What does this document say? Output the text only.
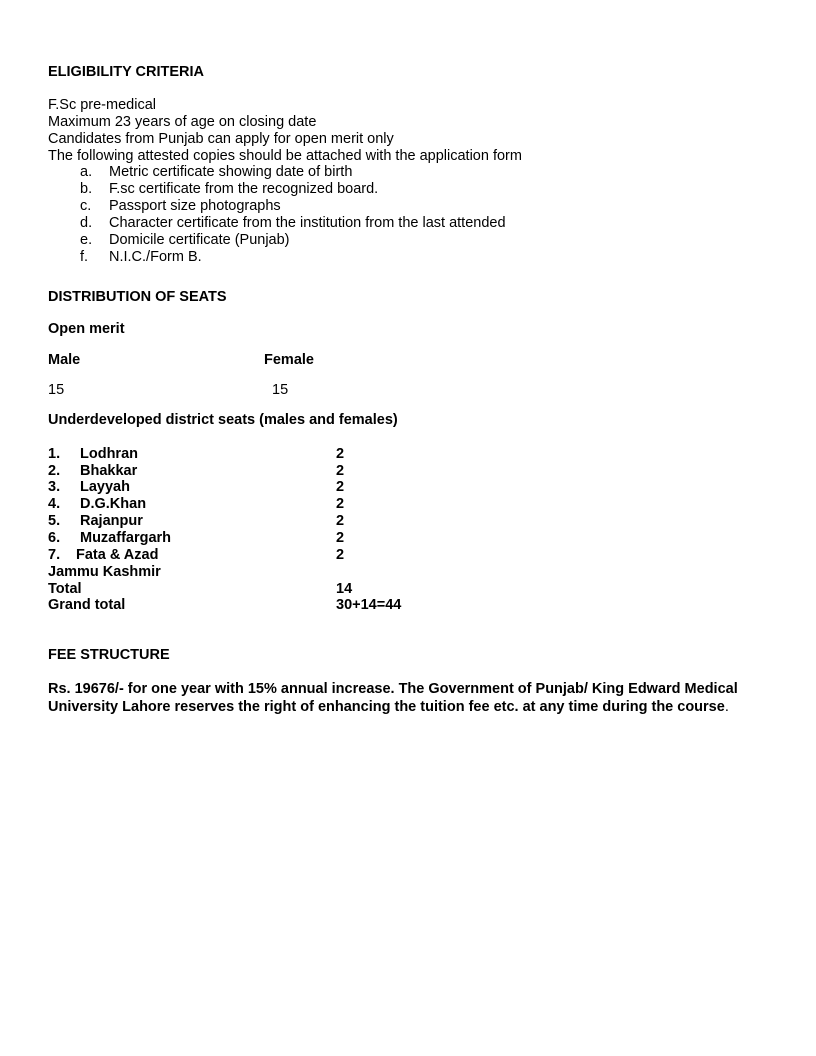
ELIGIBILITY CRITERIA
F.Sc pre-medical
Maximum 23 years of age on closing date
Candidates from Punjab can apply for open merit only
The following attested copies should be attached with the application form
a. Metric certificate showing date of birth
b. F.sc certificate from the recognized board.
c. Passport size photographs
d. Character certificate from the institution from the last attended
e. Domicile certificate (Punjab)
f. N.I.C./Form B.
DISTRIBUTION OF SEATS
Open merit
Male	Female
15	15
Underdeveloped district seats (males and females)
1. Lodhran	2
2. Bhakkar	2
3. Layyah	2
4. D.G.Khan	2
5. Rajanpur	2
6. Muzaffargarh	2
7. Fata & Azad	2
Jammu Kashmir
Total	14
Grand total	30+14=44
FEE STRUCTURE
Rs. 19676/- for one year with 15% annual increase. The Government of Punjab/ King Edward Medical University Lahore reserves the right of enhancing the tuition fee etc. at any time during the course.
